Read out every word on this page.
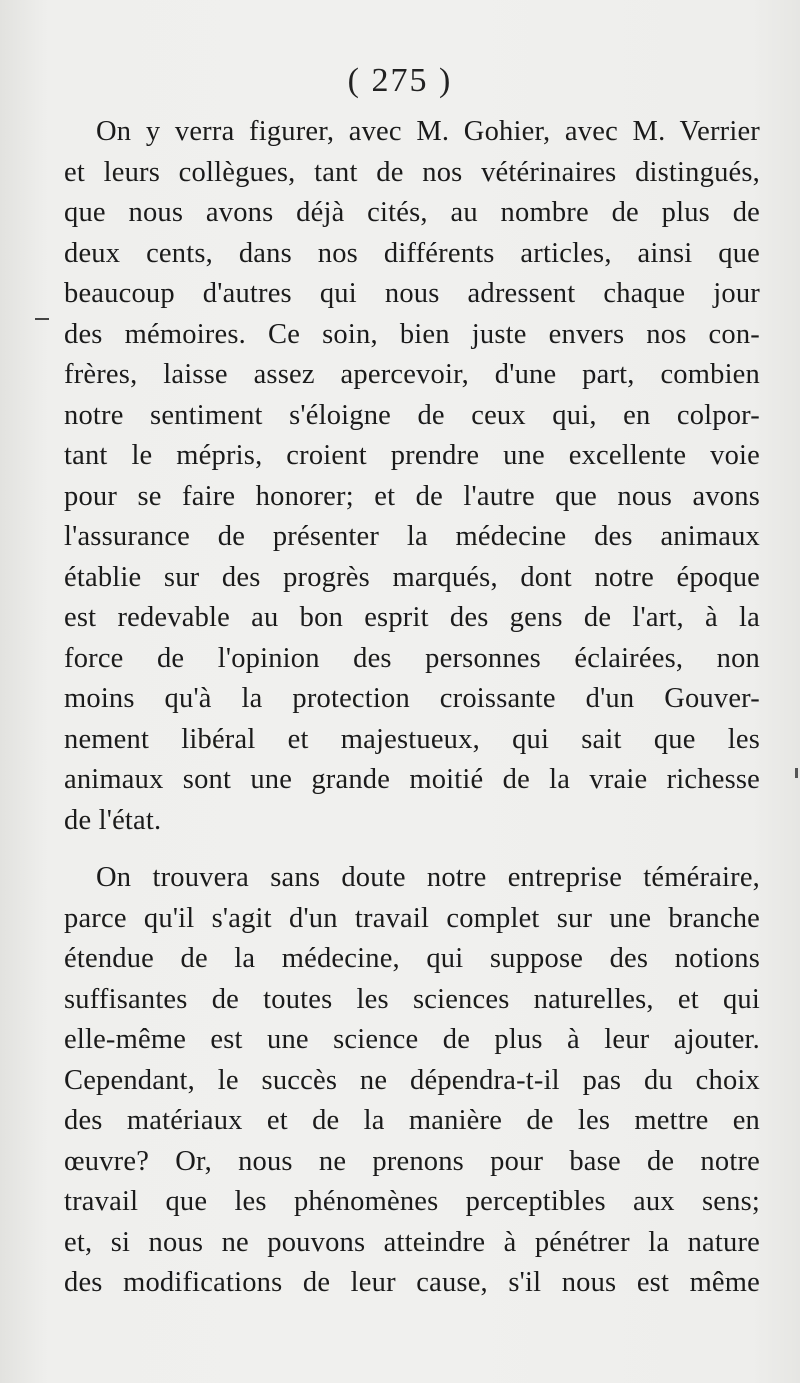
( 275 )
On y verra figurer, avec M. Gohier, avec M. Verrier
et leurs collègues, tant de nos vétérinaires distingués,
que nous avons déjà cités, au nombre de plus de
deux cents, dans nos différents articles, ainsi que
beaucoup d'autres qui nous adressent chaque jour
des mémoires. Ce soin, bien juste envers nos con-
frères, laisse assez apercevoir, d'une part, combien
notre sentiment s'éloigne de ceux qui, en colpor-
tant le mépris, croient prendre une excellente voie
pour se faire honorer; et de l'autre que nous avons
l'assurance de présenter la médecine des animaux
établie sur des progrès marqués, dont notre époque
est redevable au bon esprit des gens de l'art, à la
force de l'opinion des personnes éclairées, non
moins qu'à la protection croissante d'un Gouver-
nement libéral et majestueux, qui sait que les
animaux sont une grande moitié de la vraie richesse
de l'état.
On trouvera sans doute notre entreprise téméraire,
parce qu'il s'agit d'un travail complet sur une branche
étendue de la médecine, qui suppose des notions
suffisantes de toutes les sciences naturelles, et qui
elle-même est une science de plus à leur ajouter.
Cependant, le succès ne dépendra-t-il pas du choix
des matériaux et de la manière de les mettre en
œuvre? Or, nous ne prenons pour base de notre
travail que les phénomènes perceptibles aux sens;
et, si nous ne pouvons atteindre à pénétrer la nature
des modifications de leur cause, s'il nous est même
